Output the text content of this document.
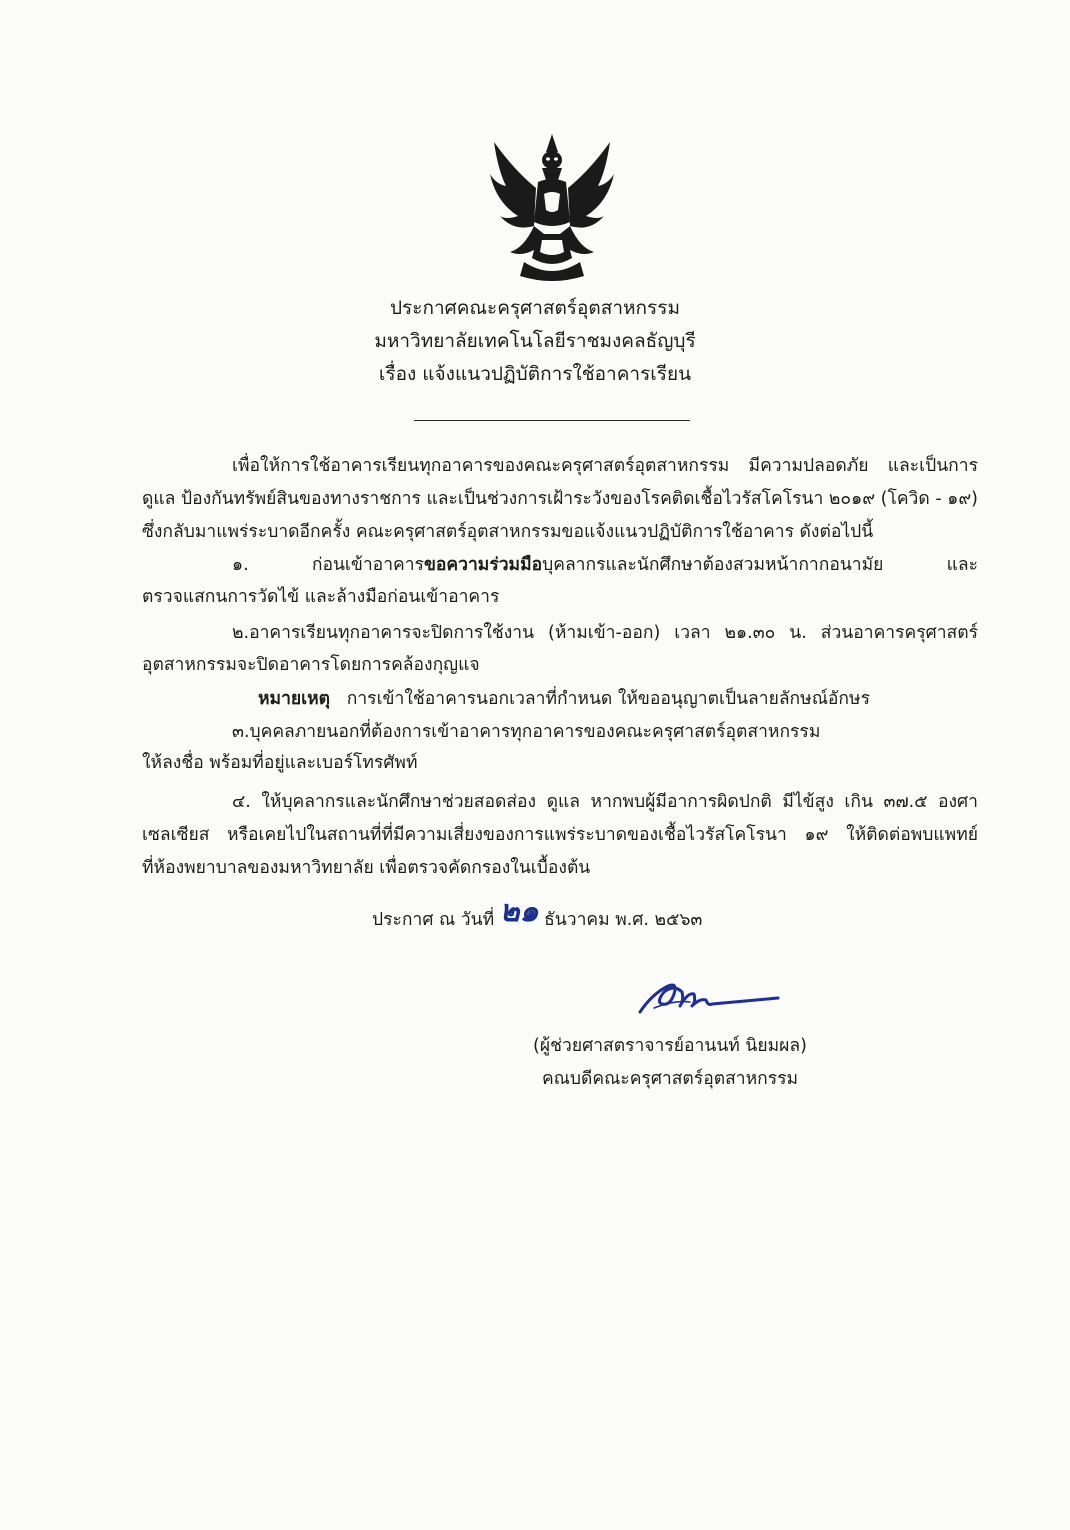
ประกาศคณะครุศาสตร์อุตสาหกรรม
มหาวิทยาลัยเทคโนโลยีราชมงคลธัญบุรี
เรื่อง แจ้งแนวปฏิบัติการใช้อาคารเรียน
เพื่อให้การใช้อาคารเรียนทุกอาคารของคณะครุศาสตร์อุตสาหกรรม มีความปลอดภัย และเป็นการ
ดูแล ป้องกันทรัพย์สินของทางราชการ และเป็นช่วงการเฝ้าระวังของโรคติดเชื้อไวรัสโคโรนา ๒๐๑๙ (โควิด - ๑๙)
ซึ่งกลับมาแพร่ระบาดอีกครั้ง คณะครุศาสตร์อุตสาหกรรมขอแจ้งแนวปฏิบัติการใช้อาคาร ดังต่อไปนี้
๑. ก่อนเข้าอาคารขอความร่วมมือบุคลากรและนักศึกษาต้องสวมหน้ากากอนามัย และ
ตรวจแสกนการวัดไข้ และล้างมือก่อนเข้าอาคาร
๒.อาคารเรียนทุกอาคารจะปิดการใช้งาน (ห้ามเข้า-ออก) เวลา ๒๑.๓๐ น. ส่วนอาคารครุศาสตร์
อุตสาหกรรมจะปิดอาคารโดยการคล้องกุญแจ
หมายเหตุ การเข้าใช้อาคารนอกเวลาที่กำหนด ให้ขออนุญาตเป็นลายลักษณ์อักษร
๓.บุคคลภายนอกที่ต้องการเข้าอาคารทุกอาคารของคณะครุศาสตร์อุตสาหกรรม
ให้ลงชื่อ พร้อมที่อยู่และเบอร์โทรศัพท์
๔. ให้บุคลากรและนักศึกษาช่วยสอดส่อง ดูแล หากพบผู้มีอาการผิดปกติ มีไข้สูง เกิน ๓๗.๕ องศา
เซลเซียส หรือเคยไปในสถานที่ที่มีความเสี่ยงของการแพร่ระบาดของเชื้อไวรัสโคโรนา ๑๙ ให้ติดต่อพบแพทย์
ที่ห้องพยาบาลของมหาวิทยาลัย เพื่อตรวจคัดกรองในเบื้องต้น
ประกาศ ณ วันที่ ๒๑ ธันวาคม พ.ศ. ๒๕๖๓
(ผู้ช่วยศาสตราจารย์อานนท์ นิยมผล)
คณบดีคณะครุศาสตร์อุตสาหกรรม
